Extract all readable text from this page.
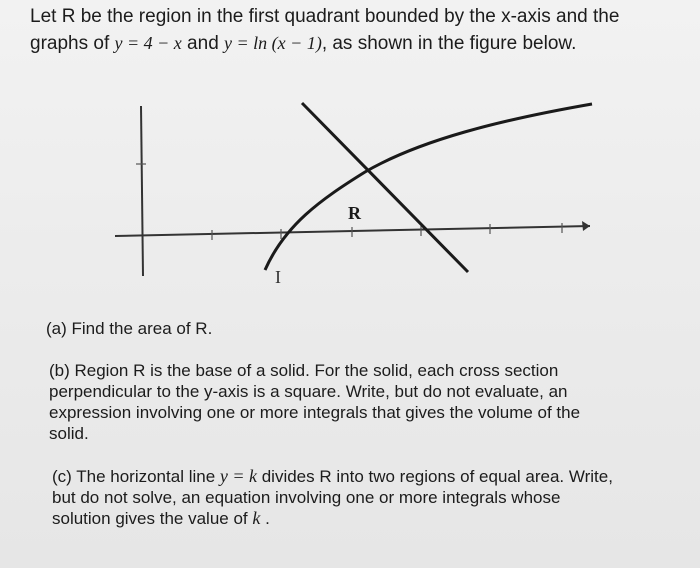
Let R be the region in the first quadrant bounded by the x-axis and the
graphs of y = 4 − x and y = ln (x − 1), as shown in the figure below.
R
I
(a) Find the area of R.
(b) Region R is the base of a solid. For the solid, each cross section
perpendicular to the y-axis is a square. Write, but do not evaluate, an
expression involving one or more integrals that gives the volume of the
solid.
(c) The horizontal line y = k divides R into two regions of equal area. Write,
but do not solve, an equation involving one or more integrals whose
solution gives the value of k .
